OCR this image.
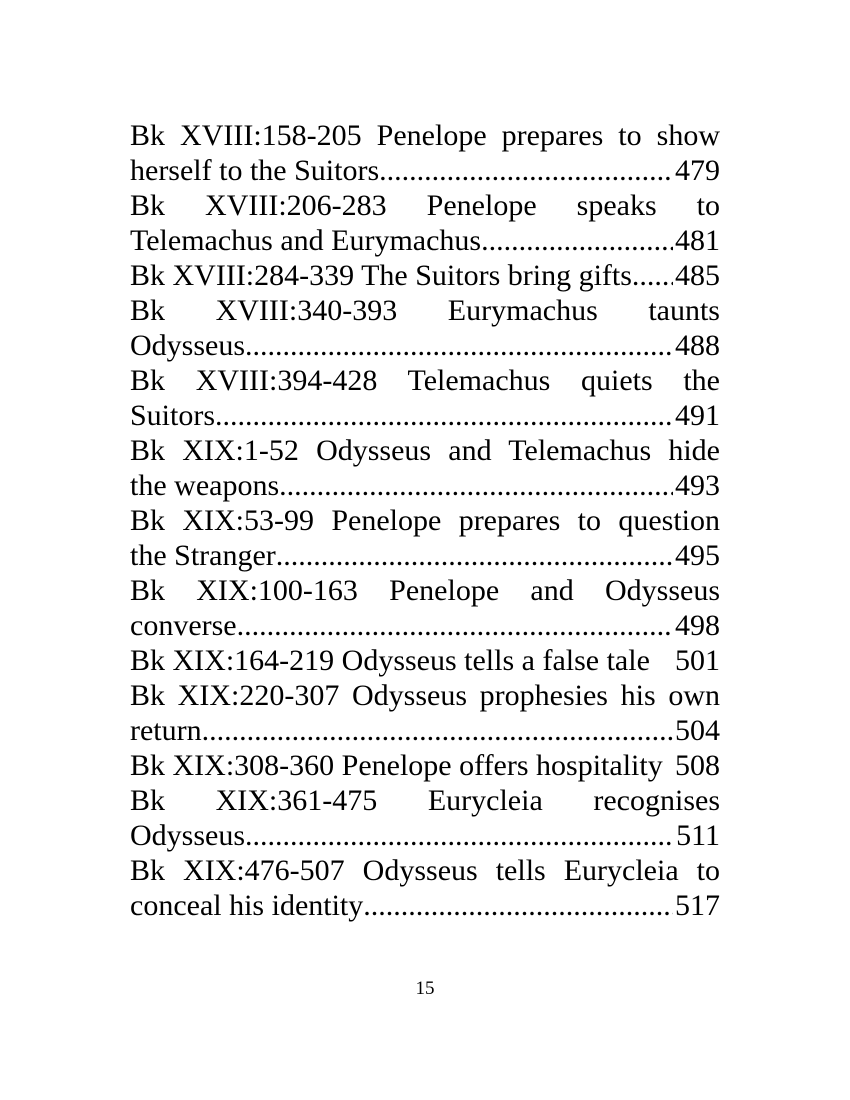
Bk XVIII:158-205 Penelope prepares to show
herself to the Suitors .....	479
Bk XVIII:206-283 Penelope speaks to
Telemachus and Eurymachus .....	481
Bk XVIII:284-339 The Suitors bring gifts ..... 485
Bk XVIII:340-393 Eurymachus taunts
Odysseus .....	488
Bk XVIII:394-428 Telemachus quiets the
Suitors .....	491
Bk XIX:1-52 Odysseus and Telemachus hide
the weapons .....	493
Bk XIX:53-99 Penelope prepares to question
the Stranger .....	495
Bk XIX:100-163 Penelope and Odysseus
converse .....	498
Bk XIX:164-219 Odysseus tells a false tale 501
Bk XIX:220-307 Odysseus prophesies his own
return .....	504
Bk XIX:308-360 Penelope offers hospitality 508
Bk XIX:361-475 Eurycleia recognises
Odysseus .....	511
Bk XIX:476-507 Odysseus tells Eurycleia to
conceal his identity .....	517
15
